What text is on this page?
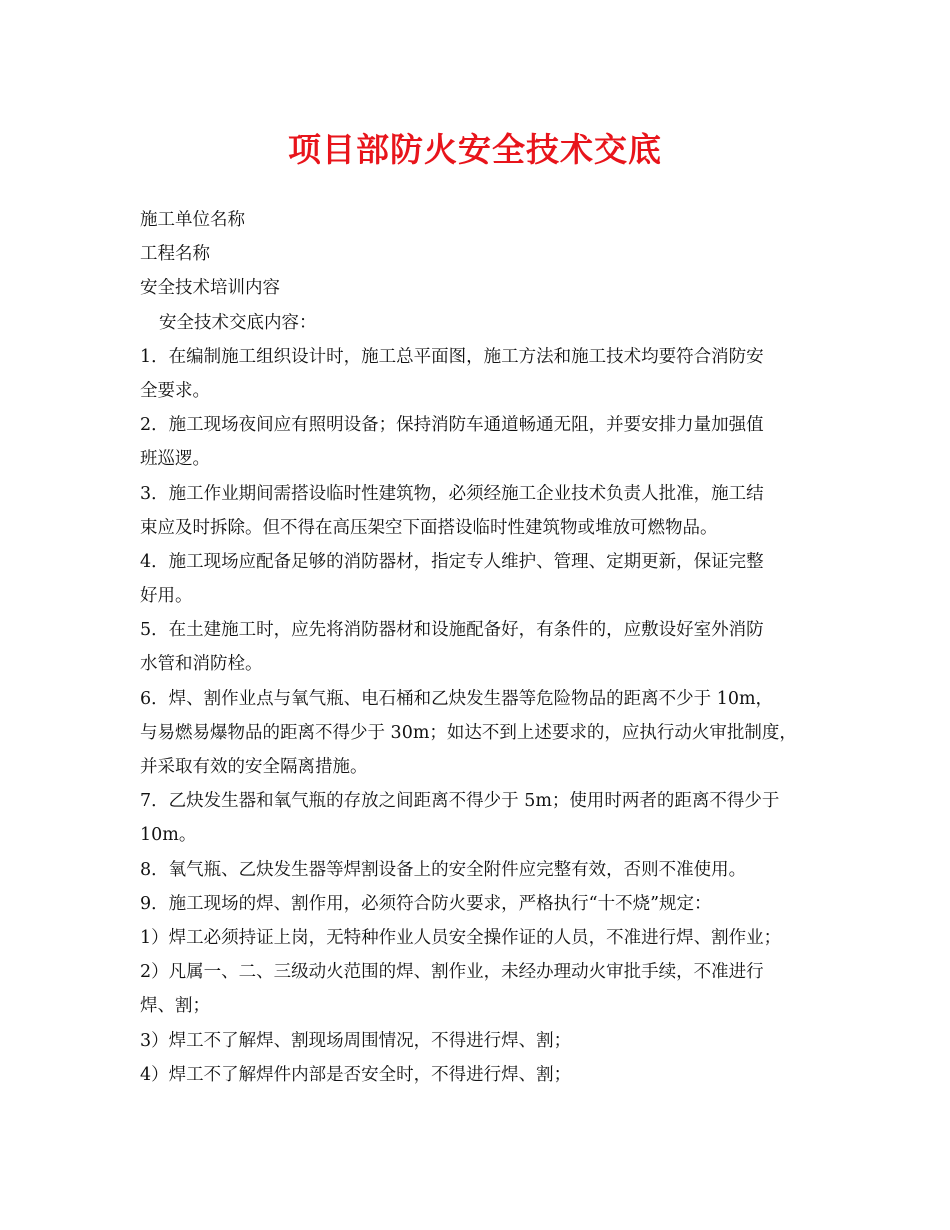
项目部防火安全技术交底
施工单位名称
工程名称
安全技术培训内容
安全技术交底内容：
1．在编制施工组织设计时，施工总平面图，施工方法和施工技术均要符合消防安
全要求。
2．施工现场夜间应有照明设备；保持消防车通道畅通无阻，并要安排力量加强值
班巡逻。
3．施工作业期间需搭设临时性建筑物，必须经施工企业技术负责人批准，施工结
束应及时拆除。但不得在高压架空下面搭设临时性建筑物或堆放可燃物品。
4．施工现场应配备足够的消防器材，指定专人维护、管理、定期更新，保证完整
好用。
5．在土建施工时，应先将消防器材和设施配备好，有条件的，应敷设好室外消防
水管和消防栓。
6．焊、割作业点与氧气瓶、电石桶和乙炔发生器等危险物品的距离不少于 10m，
与易燃易爆物品的距离不得少于 30m；如达不到上述要求的，应执行动火审批制度，
并采取有效的安全隔离措施。
7．乙炔发生器和氧气瓶的存放之间距离不得少于 5m；使用时两者的距离不得少于
10m。
8．氧气瓶、乙炔发生器等焊割设备上的安全附件应完整有效，否则不准使用。
9．施工现场的焊、割作用，必须符合防火要求，严格执行“十不烧”规定：
1）焊工必须持证上岗，无特种作业人员安全操作证的人员，不准进行焊、割作业；
2）凡属一、二、三级动火范围的焊、割作业，未经办理动火审批手续，不准进行
焊、割；
3）焊工不了解焊、割现场周围情况，不得进行焊、割；
4）焊工不了解焊件内部是否安全时，不得进行焊、割；
